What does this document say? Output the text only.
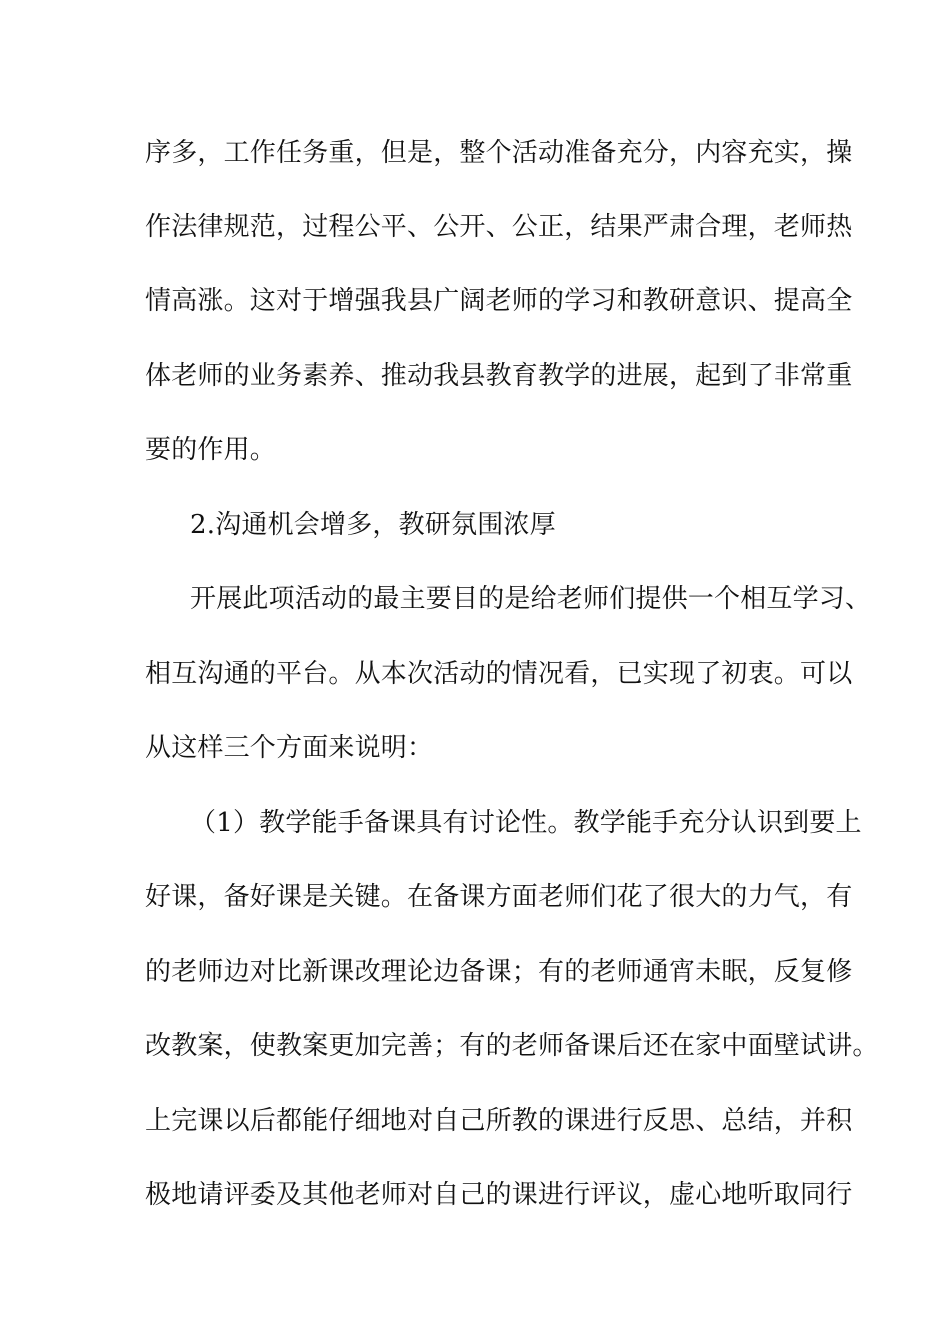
序多，工作任务重，但是，整个活动准备充分，内容充实，操
作法律规范，过程公平、公开、公正，结果严肃合理，老师热
情高涨。这对于增强我县广阔老师的学习和教研意识、提高全
体老师的业务素养、推动我县教育教学的进展，起到了非常重
要的作用。
2.沟通机会增多，教研氛围浓厚
开展此项活动的最主要目的是给老师们提供一个相互学习、
相互沟通的平台。从本次活动的情况看，已实现了初衷。可以
从这样三个方面来说明：
（1）教学能手备课具有讨论性。教学能手充分认识到要上
好课，备好课是关键。在备课方面老师们花了很大的力气，有
的老师边对比新课改理论边备课；有的老师通宵未眠，反复修
改教案，使教案更加完善；有的老师备课后还在家中面壁试讲。
上完课以后都能仔细地对自己所教的课进行反思、总结，并积
极地请评委及其他老师对自己的课进行评议，虚心地听取同行
